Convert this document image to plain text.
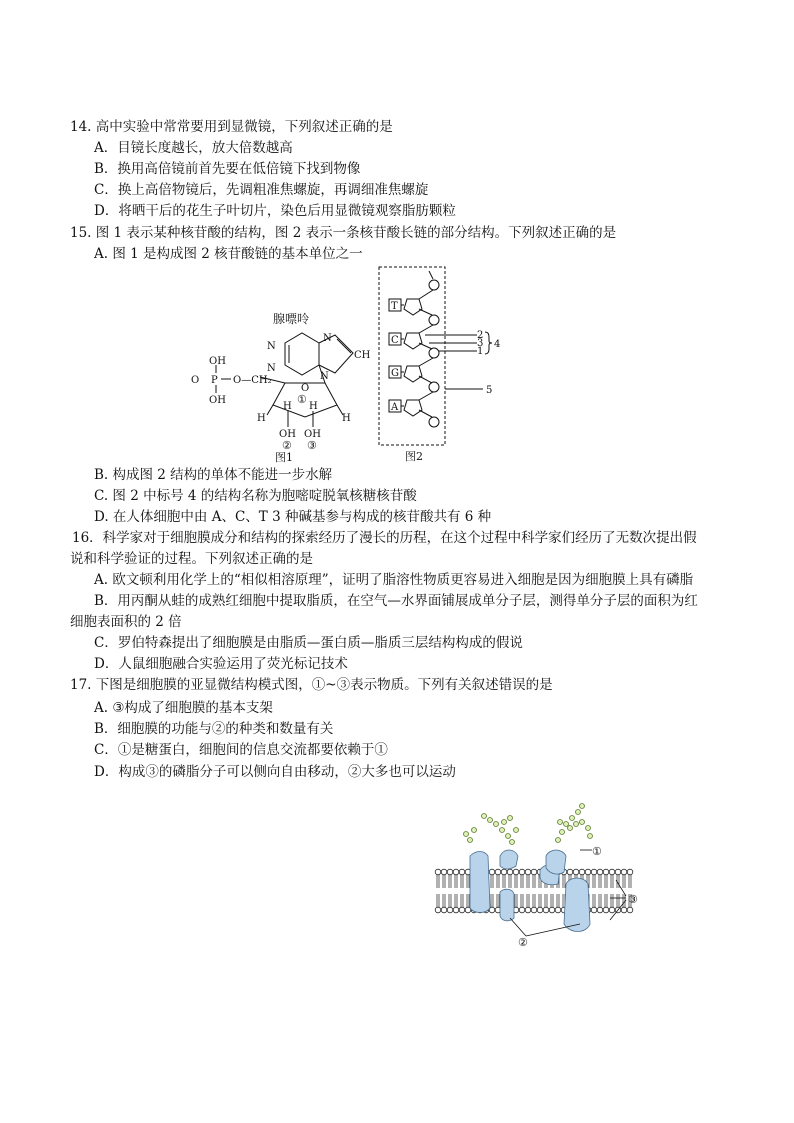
14. 高中实验中常常要用到显微镜，下列叙述正确的是
A．目镜长度越长，放大倍数越高
B．换用高倍镜前首先要在低倍镜下找到物像
C．换上高倍物镜后，先调粗准焦螺旋，再调细准焦螺旋
D．将晒干后的花生子叶切片，染色后用显微镜观察脂肪颗粒
15. 图 1 表示某种核苷酸的结构，图 2 表示一条核苷酸长链的部分结构。下列叙述正确的是
A. 图 1 是构成图 2 核苷酸链的基本单位之一
腺嘌呤
N
N
N
N
CH
OH
P
O
OH
O—CH₂
O
①
H	H
H H
OH OH
② ③
图1
T
C
G
A
2
3
1
4
5
图2
B. 构成图 2 结构的单体不能进一步水解
C. 图 2 中标号 4 的结构名称为胞嘧啶脱氧核糖核苷酸
D. 在人体细胞中由 A、C、T 3 种碱基参与构成的核苷酸共有 6 种
16．科学家对于细胞膜成分和结构的探索经历了漫长的历程，在这个过程中科学家们经历了无数次提出假
说和科学验证的过程。下列叙述正确的是
A. 欧文顿利用化学上的“相似相溶原理”，证明了脂溶性物质更容易进入细胞是因为细胞膜上具有磷脂
B．用丙酮从蛙的成熟红细胞中提取脂质，在空气—水界面铺展成单分子层，测得单分子层的面积为红
细胞表面积的 2 倍
C．罗伯特森提出了细胞膜是由脂质—蛋白质—脂质三层结构构成的假说
D．人鼠细胞融合实验运用了荧光标记技术
17. 下图是细胞膜的亚显微结构模式图，①~③表示物质。下列有关叙述错误的是
A. ③构成了细胞膜的基本支架
B．细胞膜的功能与②的种类和数量有关
C．①是糖蛋白，细胞间的信息交流都要依赖于①
D．构成③的磷脂分子可以侧向自由移动，②大多也可以运动
①
③
②
